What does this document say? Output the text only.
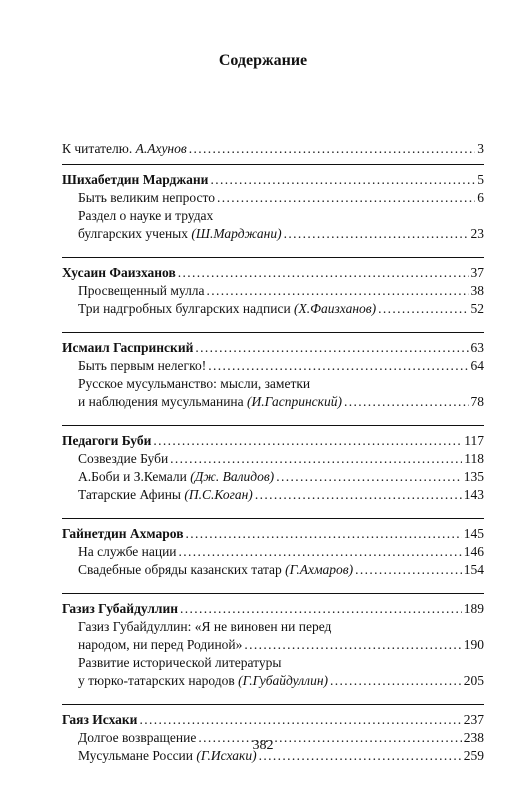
Содержание
К читателю. А.Ахунов . . .	3
Шихабетдин Марджани . . .	5
Быть великим непросто . . .	6
Раздел о науке и трудах
булгарских ученых (Ш.Марджани) . . .	23
Хусаин Фаизханов . . .	37
Просвещенный мулла . . .	38
Три надгробных булгарских надписи (Х.Фаизханов) . . .	52
Исмаил Гаспринский . . .	63
Быть первым нелегко! . . .	64
Русское мусульманство: мысли, заметки
и наблюдения мусульманина (И.Гаспринский) . . .	78
Педагоги Буби . . .	117
Созвездие Буби . . .	118
А.Боби и З.Кемали (Дж. Валидов) . . .	135
Татарские Афины (П.С.Коган) . . .	143
Гайнетдин Ахмаров . . .	145
На службе нации . . .	146
Свадебные обряды казанских татар (Г.Ахмаров) . . .	154
Газиз Губайдуллин . . .	189
Газиз Губайдуллин: «Я не виновен ни перед
народом, ни перед Родиной» . . .	190
Развитие исторической литературы
у тюрко-татарских народов (Г.Губайдуллин) . . .	205
Гаяз Исхаки . . .	237
Долгое возвращение . . .	238
Мусульмане России (Г.Исхаки) . . .	259
382
